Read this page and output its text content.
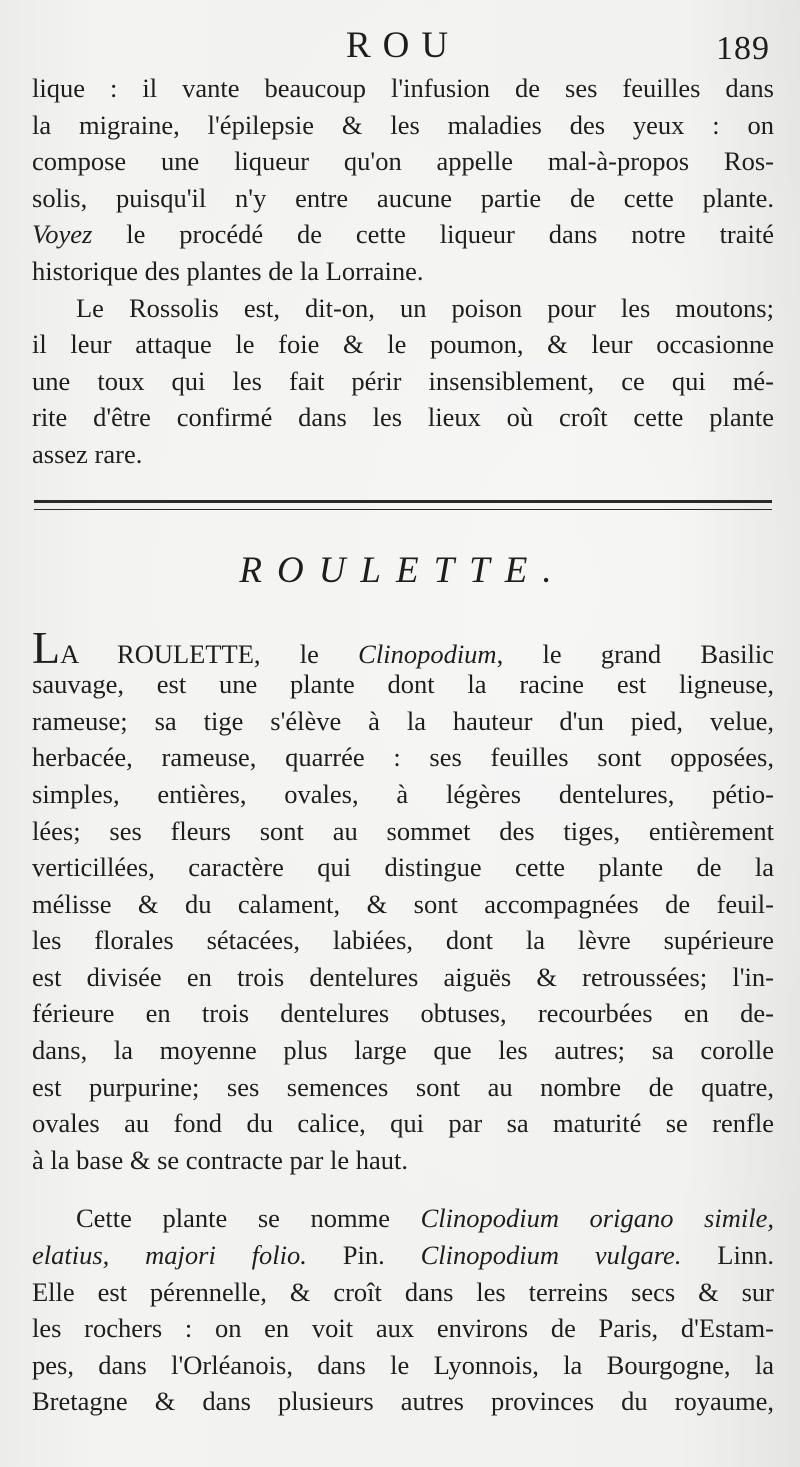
ROU	189
lique : il vante beaucoup l'infusion de ses feuilles dans
la migraine, l'épilepsie & les maladies des yeux : on
compose une liqueur qu'on appelle mal-à-propos Ros-
solis, puisqu'il n'y entre aucune partie de cette plante.
Voyez le procédé de cette liqueur dans notre traité
historique des plantes de la Lorraine.
Le Rossolis est, dit-on, un poison pour les moutons;
il leur attaque le foie & le poumon, & leur occasionne
une toux qui les fait périr insensiblement, ce qui mé-
rite d'être confirmé dans les lieux où croît cette plante
assez rare.
ROULETTE.
LA ROULETTE, le Clinopodium, le grand Basilic
sauvage, est une plante dont la racine est ligneuse,
rameuse; sa tige s'élève à la hauteur d'un pied, velue,
herbacée, rameuse, quarrée : ses feuilles sont opposées,
simples, entières, ovales, à légères dentelures, pétio-
lées; ses fleurs sont au sommet des tiges, entièrement
verticillées, caractère qui distingue cette plante de la
mélisse & du calament, & sont accompagnées de feuil-
les florales sétacées, labiées, dont la lèvre supérieure
est divisée en trois dentelures aiguës & retroussées; l'in-
férieure en trois dentelures obtuses, recourbées en de-
dans, la moyenne plus large que les autres; sa corolle
est purpurine; ses semences sont au nombre de quatre,
ovales au fond du calice, qui par sa maturité se renfle
à la base & se contracte par le haut.
Cette plante se nomme Clinopodium origano simile,
elatius, majori folio. Pin. Clinopodium vulgare. Linn.
Elle est pérennelle, & croît dans les terreins secs & sur
les rochers : on en voit aux environs de Paris, d'Estam-
pes, dans l'Orléanois, dans le Lyonnois, la Bourgogne, la
Bretagne & dans plusieurs autres provinces du royaume,
